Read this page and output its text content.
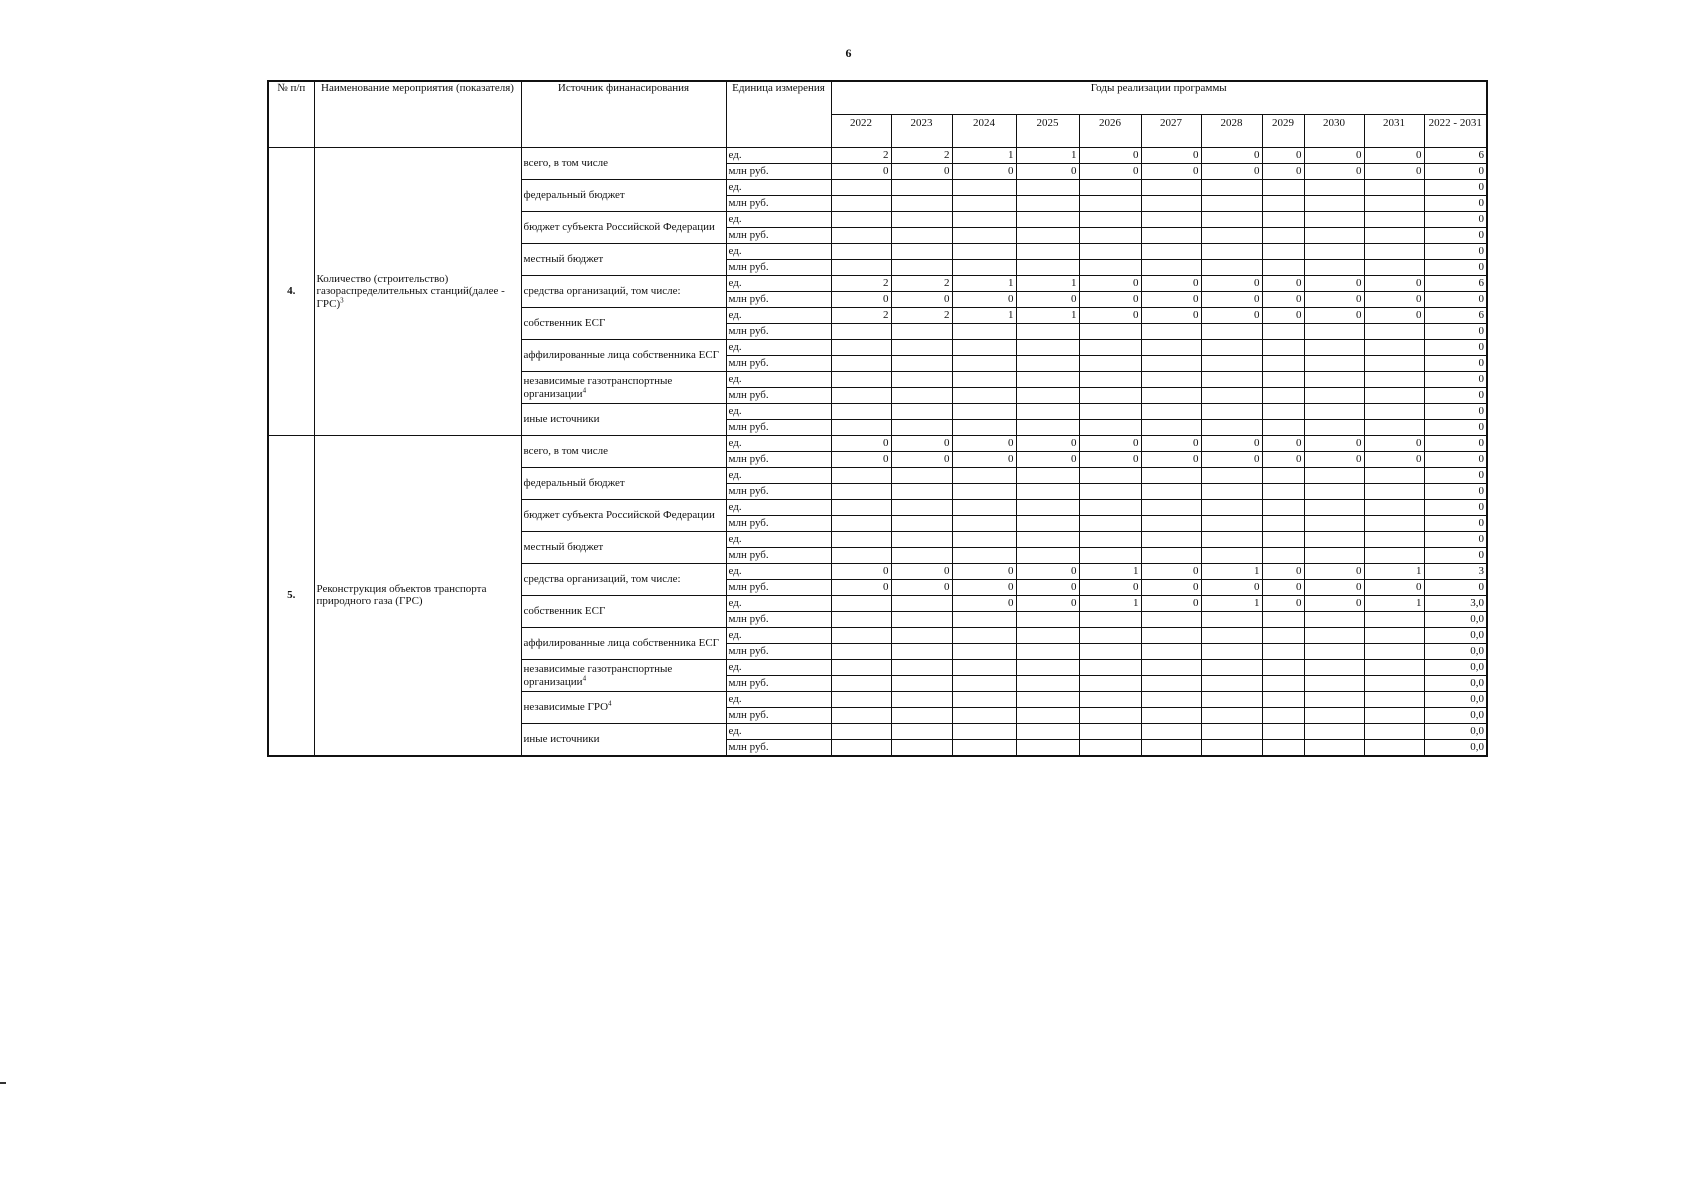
6
№ п/п	Наименование мероприятия (показателя)	Источник финанасирования	Единица измерения	Годы реализации программы										
				2022	2023	2024	2025	2026	2027	2028	2029	2030	2031	2022 - 2031
4.	Количество (строительство) газораспределительных станций(далее - ГРС)$^3$	всего, в том числе	ед.	2	2	1	1	0	0	0	0	0	0	6
			млн руб.	0	0	0	0	0	0	0	0	0	0	0
		федеральный бюджет	ед.											0
			млн руб.											0
		бюджет субъекта Российской Федерации	ед.											0
			млн руб.											0
		местный бюджет	ед.											0
			млн руб.											0
		средства организаций, том числе:	ед.	2	2	1	1	0	0	0	0	0	0	6
			млн руб.	0	0	0	0	0	0	0	0	0	0	0
		собственник ЕСГ	ед.	2	2	1	1	0	0	0	0	0	0	6
			млн руб.											0
		аффилированные лица собственника ЕСГ	ед.											0
			млн руб.											0
		независимые газотранспортные организации$^4$	ед.											0
			млн руб.											0
		иные источники	ед.											0
			млн руб.											0
5.	Реконструкция объектов транспорта природного газа (ГРС)	всего, в том числе	ед.	0	0	0	0	0	0	0	0	0	0	0
			млн руб.	0	0	0	0	0	0	0	0	0	0	0
		федеральный бюджет	ед.											0
			млн руб.											0
		бюджет субъекта Российской Федерации	ед.											0
			млн руб.											0
		местный бюджет	ед.											0
			млн руб.											0
		средства организаций, том числе:	ед.	0	0	0	0	1	0	1	0	0	1	3
			млн руб.	0	0	0	0	0	0	0	0	0	0	0
		собственник ЕСГ	ед.			0	0	1	0	1	0	0	1	3,0
			млн руб.											0,0
		аффилированные лица собственника ЕСГ	ед.											0,0
			млн руб.											0,0
		независимые газотранспортные организации$^4$	ед.											0,0
			млн руб.											0,0
		независимые ГРО$^4$	ед.											0,0
			млн руб.											0,0
		иные источники	ед.											0,0
			млн руб.											0,0
